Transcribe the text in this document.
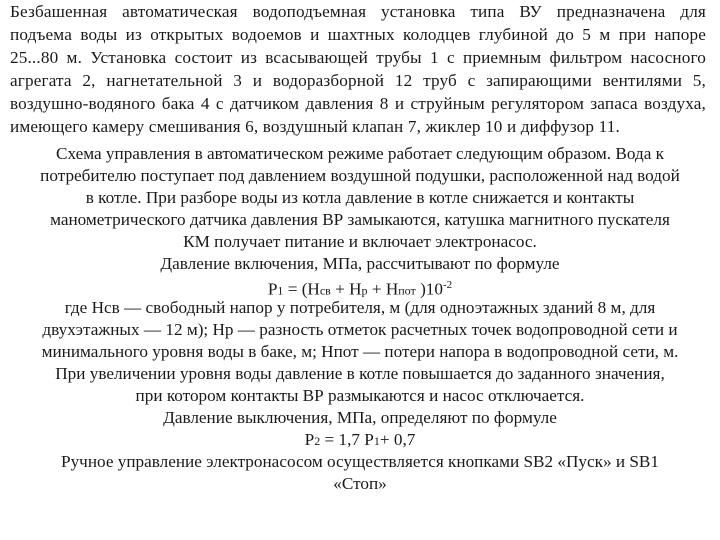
Безбашенная автоматическая водоподъемная установка типа ВУ предназначена для
подъема воды из открытых водоемов и шахтных колодцев глубиной до 5 м при напоре
25...80 м. Установка состоит из всасывающей трубы 1 с приемным фильтром насосного
агрегата 2, нагнетательной 3 и водоразборной 12 труб с запирающими вентилями 5,
воздушно-водяного бака 4 с датчиком давления 8 и струйным регулятором запаса воздуха,
имеющего камеру смешивания 6, воздушный клапан 7, жиклер 10 и диффузор 11.
Схема управления в автоматическом режиме работает следующим образом. Вода к
потребителю поступает под давлением воздушной подушки, расположенной над водой
в котле. При разборе воды из котла давление в котле снижается и контакты
манометрического датчика давления ВР замыкаются, катушка магнитного пускателя
КМ получает питание и включает электронасос.
Давление включения, МПа, рассчитывают по формуле
Р1 = (Нсв + Нр + Нпот )$10^{-2}$
где Нсв — свободный напор у потребителя, м (для одноэтажных зданий 8 м, для
двухэтажных — 12 м); Нр — разность отметок расчетных точек водопроводной сети и
минимального уровня воды в баке, м; Нпот — потери напора в водопроводной сети, м.
При увеличении уровня воды давление в котле повышается до заданного значения,
при котором контакты ВР размыкаются и насос отключается.
Давление выключения, МПа, определяют по формуле
Р2 = 1,7 Р1+ 0,7
Ручное управление электронасосом осуществляется кнопками SB2 «Пуск» и SB1
«Стоп»
